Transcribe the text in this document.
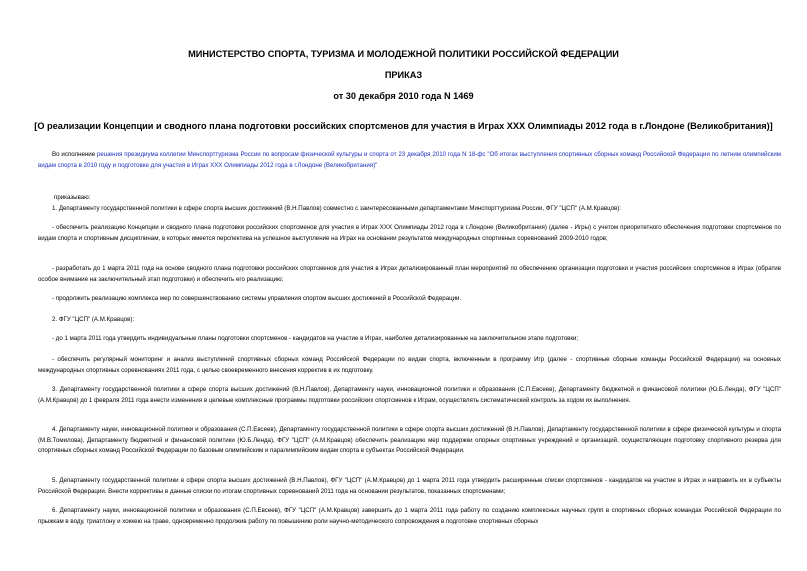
МИНИСТЕРСТВО СПОРТА, ТУРИЗМА И МОЛОДЕЖНОЙ ПОЛИТИКИ РОССИЙСКОЙ ФЕДЕРАЦИИ
ПРИКАЗ
от 30 декабря 2010 года N 1469
[О реализации Концепции и сводного плана подготовки российских спортсменов для участия в Играх XXX Олимпиады 2012 года в г.Лондоне (Великобритания)]
Во исполнение решения президиума коллегии Минспорттуризма России по вопросам физической культуры и спорта от 23 декабря 2010 года N 18-фс "Об итогах выступления спортивных сборных команд Российской Федерации по летним олимпийским видам спорта в 2010 году и подготовке для участия в Играх XXX Олимпиады 2012 года в г.Лондоне (Великобритания)"
приказываю:
1. Департаменту государственной политики в сфере спорта высших достижений (В.Н.Павлов) совместно с заинтересованными департаментами Минспорттуризма России, ФГУ "ЦСП" (А.М.Кравцов):
- обеспечить реализацию Концепции и сводного плана подготовки российских спортсменов для участия в Играх XXX Олимпиады 2012 года в г.Лондоне (Великобритания) (далее - Игры) с учетом приоритетного обеспечения подготовки спортсменов по видам спорта и спортивным дисциплинам, в которых имеется перспектива на успешное выступление на Играх на основании результатов международных спортивных соревнований 2009-2010 годов;
- разработать до 1 марта 2011 года на основе сводного плана подготовки российских спортсменов для участия в Играх детализированный план мероприятий по обеспечению организации подготовки и участия российских спортсменов в Играх (обратив особое внимание на заключительный этап подготовки) и обеспечить его реализацию;
- продолжить реализацию комплекса мер по совершенствованию системы управления спортом высших достижений в Российской Федерации.
2. ФГУ "ЦСП" (А.М.Кравцов):
- до 1 марта 2011 года утвердить индивидуальные планы подготовки спортсменов - кандидатов на участие в Играх, наиболее детализированные на заключительном этапе подготовки;
- обеспечить регулярный мониторинг и анализ выступлений спортивных сборных команд Российской Федерации по видам спорта, включенным в программу Игр (далее - спортивные сборные команды Российской Федерации) на основных международных спортивных соревнованиях 2011 года, с целью своевременного внесения корректив в их подготовку.
3. Департаменту государственной политики в сфере спорта высших достижений (В.Н.Павлов), Департаменту науки, инновационной политики и образования (С.П.Евсеев), Департаменту бюджетной и финансовой политики (Ю.Б.Ленда), ФГУ "ЦСП" (А.М.Кравцов) до 1 февраля 2011 года внести изменения в целевые комплексные программы подготовки российских спортсменов к Играм, осуществлять систематический контроль за ходом их выполнения.
4. Департаменту науки, инновационной политики и образования (С.П.Евсеев), Департаменту государственной политики в сфере спорта высших достижений (В.Н.Павлов), Департаменту государственной политики в сфере физической культуры и спорта (М.В.Томилова), Департаменту бюджетной и финансовой политики (Ю.Б.Ленда), ФГУ "ЦСП" (А.М.Кравцов) обеспечить реализацию мер поддержки опорных спортивных учреждений и организаций, осуществляющих подготовку спортивного резерва для спортивных сборных команд Российской Федерации по базовым олимпийским и паралимпийским видам спорта в субъектах Российской Федерации.
5. Департаменту государственной политики в сфере спорта высших достижений (В.Н.Павлов), ФГУ "ЦСП" (А.М.Кравцов) до 1 марта 2011 года утвердить расширенные списки спортсменов - кандидатов на участие в Играх и направить их в субъекты Российской Федерации. Внести коррективы в данные списки по итогам спортивных соревнований 2011 года на основании результатов, показанных спортсменами;
6. Департаменту науки, инновационной политики и образования (С.П.Евсеев), ФГУ "ЦСП" (А.М.Кравцов) завершить до 1 марта 2011 года работу по созданию комплексных научных групп в спортивных сборных командах Российской Федерации по прыжкам в воду, триатлону и хоккею на траве, одновременно продолжив работу по повышению роли научно-методического сопровождения в подготовке спортивных сборных
